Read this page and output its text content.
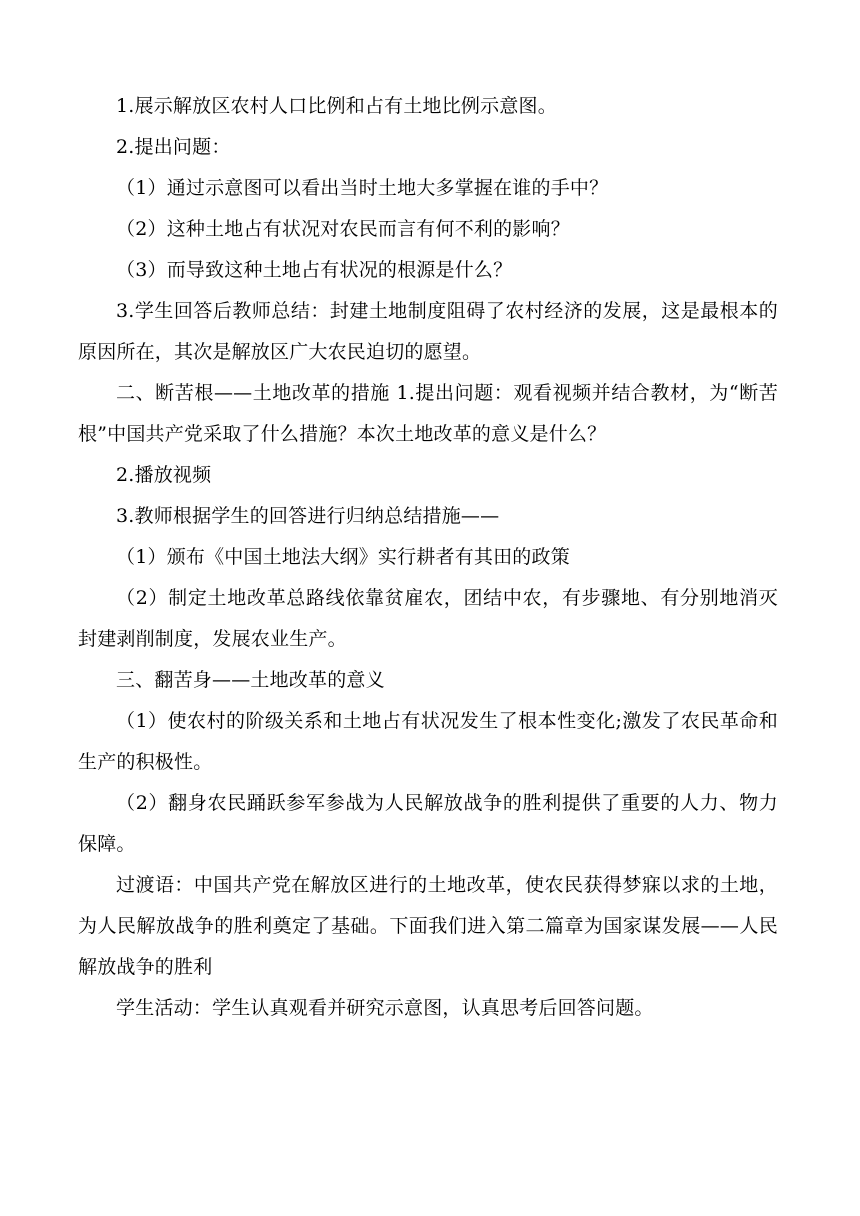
1.展示解放区农村人口比例和占有土地比例示意图。

2.提出问题：

（1）通过示意图可以看出当时土地大多掌握在谁的手中？

（2）这种土地占有状况对农民而言有何不利的影响？

（3）而导致这种土地占有状况的根源是什么？

3.学生回答后教师总结：封建土地制度阻碍了农村经济的发展，这是最根本的原因所在，其次是解放区广大农民迫切的愿望。

二、断苦根——土地改革的措施 1.提出问题：观看视频并结合教材，为“断苦根”中国共产党采取了什么措施？本次土地改革的意义是什么？

2.播放视频

3.教师根据学生的回答进行归纳总结措施——

（1）颁布《中国土地法大纲》实行耕者有其田的政策

（2）制定土地改革总路线依靠贫雇农，团结中农，有步骤地、有分别地消灭封建剥削制度，发展农业生产。

三、翻苦身——土地改革的意义

（1）使农村的阶级关系和土地占有状况发生了根本性变化;激发了农民革命和生产的积极性。

（2）翻身农民踊跃参军参战为人民解放战争的胜利提供了重要的人力、物力保障。

过渡语：中国共产党在解放区进行的土地改革，使农民获得梦寐以求的土地，为人民解放战争的胜利奠定了基础。下面我们进入第二篇章为国家谋发展——人民解放战争的胜利

学生活动：学生认真观看并研究示意图，认真思考后回答问题。
